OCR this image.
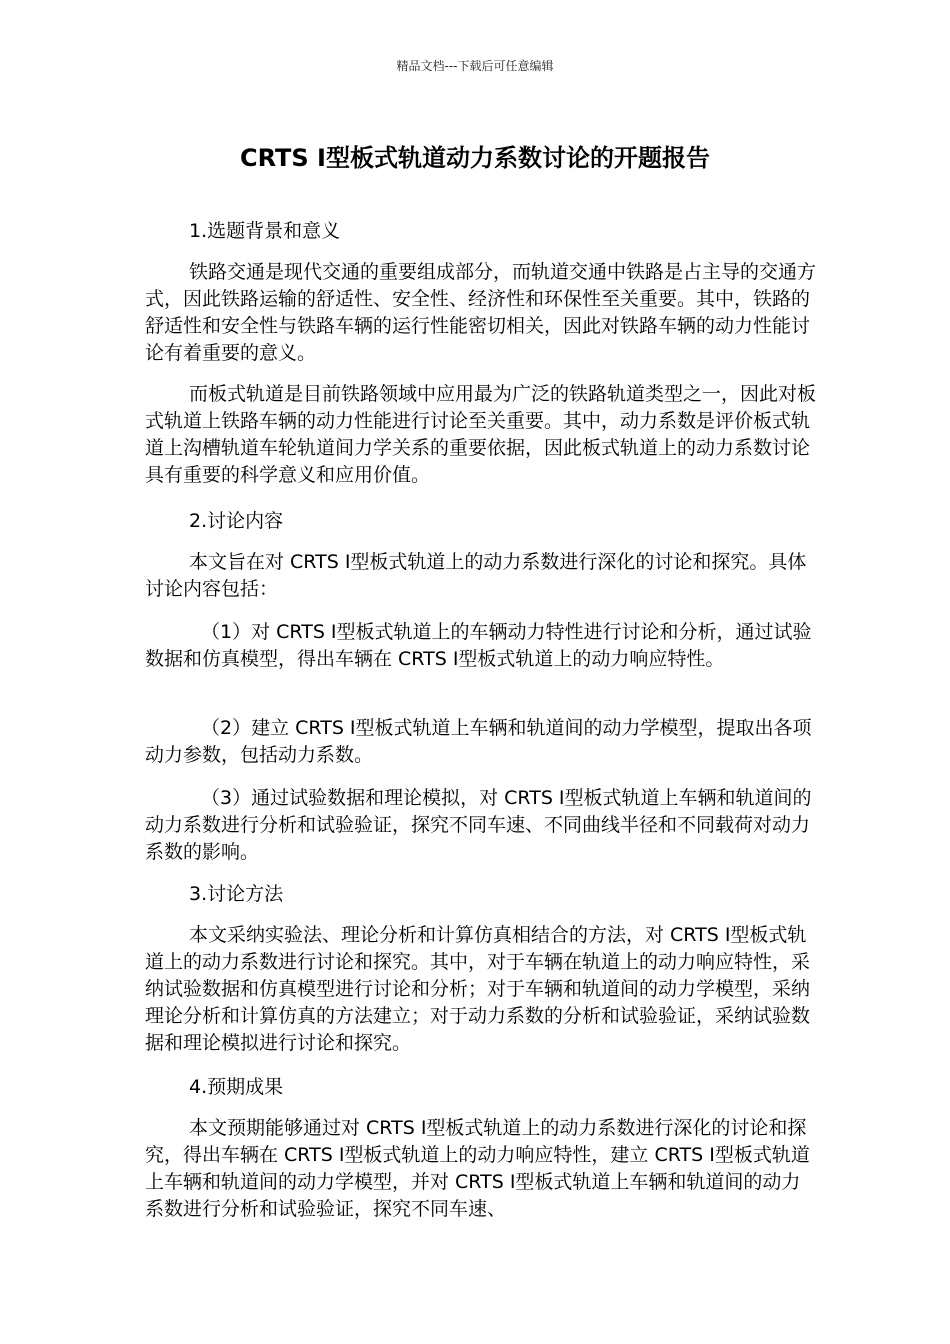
精品文档---下载后可任意编辑
CRTS Ⅰ型板式轨道动力系数讨论的开题报告
1.选题背景和意义
铁路交通是现代交通的重要组成部分，而轨道交通中铁路是占主导的交通方式，因此铁路运输的舒适性、安全性、经济性和环保性至关重要。其中，铁路的舒适性和安全性与铁路车辆的运行性能密切相关，因此对铁路车辆的动力性能讨论有着重要的意义。
而板式轨道是目前铁路领域中应用最为广泛的铁路轨道类型之一，因此对板式轨道上铁路车辆的动力性能进行讨论至关重要。其中，动力系数是评价板式轨道上沟槽轨道车轮轨道间力学关系的重要依据，因此板式轨道上的动力系数讨论具有重要的科学意义和应用价值。
2.讨论内容
本文旨在对 CRTS Ⅰ型板式轨道上的动力系数进行深化的讨论和探究。具体讨论内容包括：
（1）对 CRTS Ⅰ型板式轨道上的车辆动力特性进行讨论和分析，通过试验数据和仿真模型，得出车辆在 CRTS Ⅰ型板式轨道上的动力响应特性。
（2）建立 CRTS Ⅰ型板式轨道上车辆和轨道间的动力学模型，提取出各项动力参数，包括动力系数。
（3）通过试验数据和理论模拟，对 CRTS Ⅰ型板式轨道上车辆和轨道间的动力系数进行分析和试验验证，探究不同车速、不同曲线半径和不同载荷对动力系数的影响。
3.讨论方法
本文采纳实验法、理论分析和计算仿真相结合的方法，对 CRTS Ⅰ型板式轨道上的动力系数进行讨论和探究。其中，对于车辆在轨道上的动力响应特性，采纳试验数据和仿真模型进行讨论和分析；对于车辆和轨道间的动力学模型，采纳理论分析和计算仿真的方法建立；对于动力系数的分析和试验验证，采纳试验数据和理论模拟进行讨论和探究。
4.预期成果
本文预期能够通过对 CRTS Ⅰ型板式轨道上的动力系数进行深化的讨论和探究，得出车辆在 CRTS Ⅰ型板式轨道上的动力响应特性，建立 CRTS Ⅰ型板式轨道上车辆和轨道间的动力学模型，并对 CRTS Ⅰ型板式轨道上车辆和轨道间的动力系数进行分析和试验验证，探究不同车速、
